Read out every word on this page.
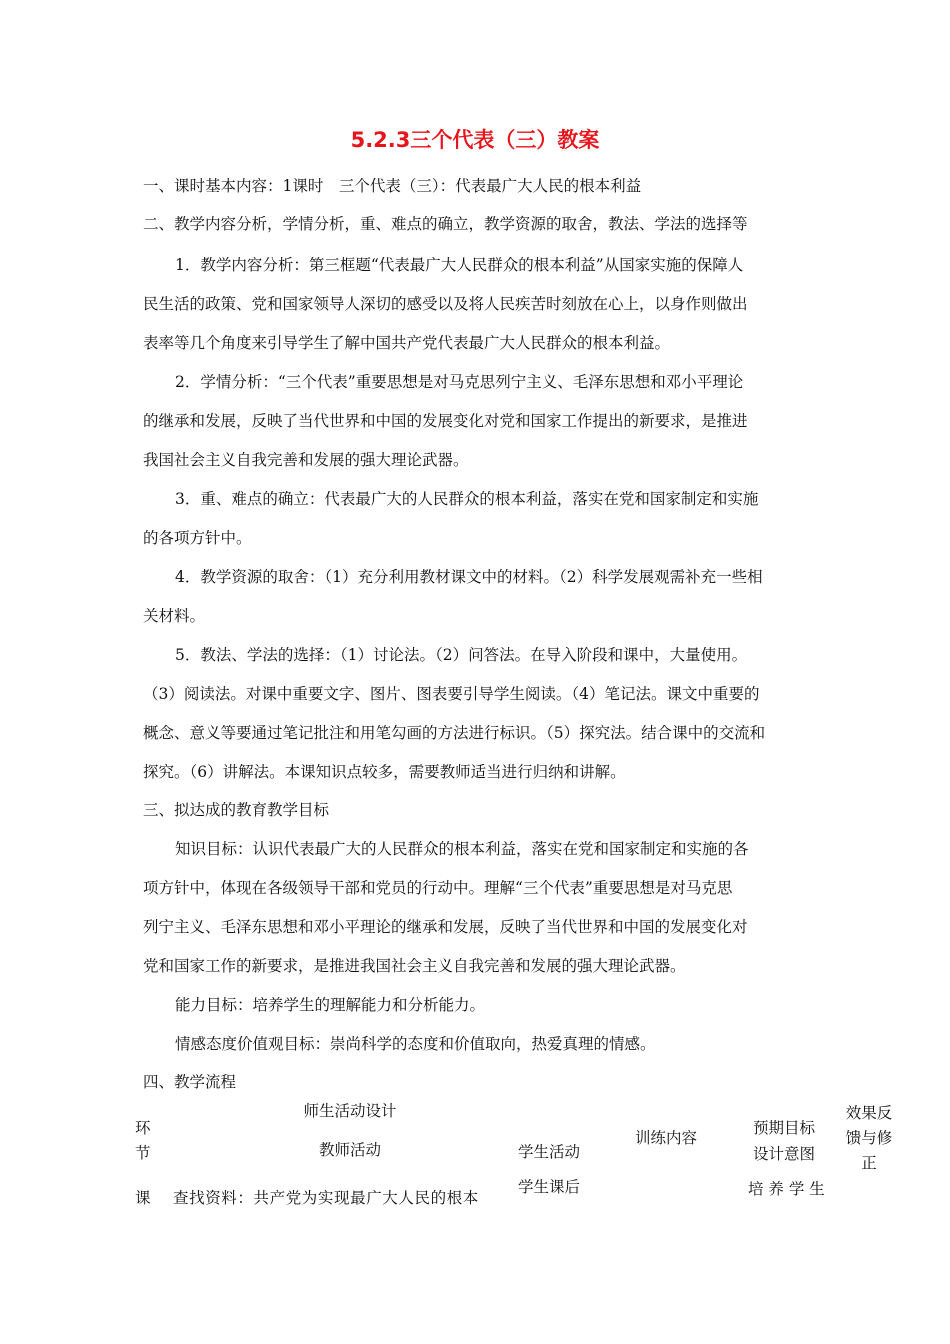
5.2.3三个代表（三）教案
一、课时基本内容：1课时　三个代表（三）：代表最广大人民的根本利益
二、教学内容分析，学情分析，重、难点的确立，教学资源的取舍，教法、学法的选择等
1．教学内容分析：第三框题“代表最广大人民群众的根本利益”从国家实施的保障人
民生活的政策、党和国家领导人深切的感受以及将人民疾苦时刻放在心上，以身作则做出
表率等几个角度来引导学生了解中国共产党代表最广大人民群众的根本利益。
2．学情分析：“三个代表”重要思想是对马克思列宁主义、毛泽东思想和邓小平理论
的继承和发展，反映了当代世界和中国的发展变化对党和国家工作提出的新要求，是推进
我国社会主义自我完善和发展的强大理论武器。
3．重、难点的确立：代表最广大的人民群众的根本利益，落实在党和国家制定和实施
的各项方针中。
4．教学资源的取舍：（1）充分利用教材课文中的材料。（2）科学发展观需补充一些相
关材料。
5．教法、学法的选择：（1）讨论法。（2）问答法。在导入阶段和课中，大量使用。
（3）阅读法。对课中重要文字、图片、图表要引导学生阅读。（4）笔记法。课文中重要的
概念、意义等要通过笔记批注和用笔勾画的方法进行标识。（5）探究法。结合课中的交流和
探究。（6）讲解法。本课知识点较多，需要教师适当进行归纳和讲解。
三、拟达成的教育教学目标
知识目标：认识代表最广大的人民群众的根本利益，落实在党和国家制定和实施的各
项方针中，体现在各级领导干部和党员的行动中。理解“三个代表”重要思想是对马克思
列宁主义、毛泽东思想和邓小平理论的继承和发展，反映了当代世界和中国的发展变化对
党和国家工作的新要求，是推进我国社会主义自我完善和发展的强大理论武器。
能力目标：培养学生的理解能力和分析能力。
情感态度价值观目标：崇尚科学的态度和价值取向，热爱真理的情感。
四、教学流程
环
节
师生活动设计
教师活动	学生活动
训练内容
预期目标
设计意图
效果反
馈与修
正
课 查找资料：共产党为实现最广大人民的根本
学生课后	培 养 学 生
